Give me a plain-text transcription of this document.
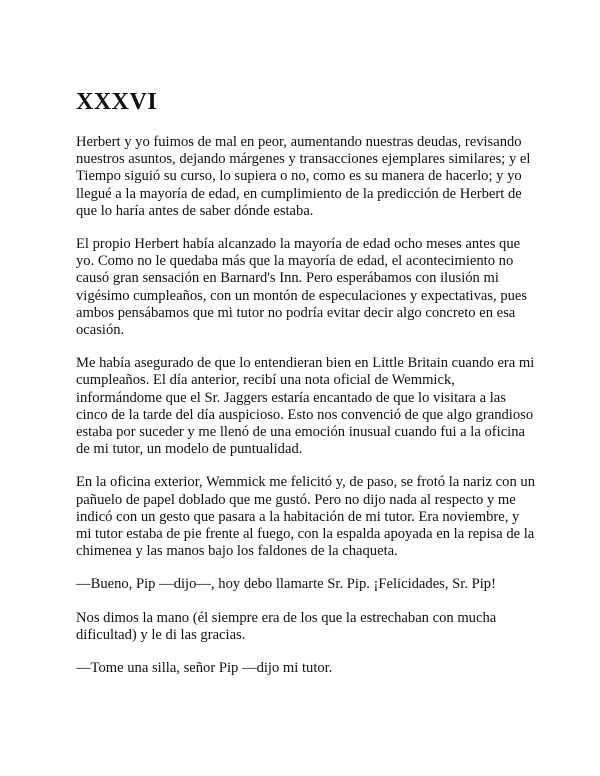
XXXVI

Herbert y yo fuimos de mal en peor, aumentando nuestras deudas, revisando nuestros asuntos, dejando márgenes y transacciones ejemplares similares; y el Tiempo siguió su curso, lo supiera o no, como es su manera de hacerlo; y yo llegué a la mayoría de edad, en cumplimiento de la predicción de Herbert de que lo haría antes de saber dónde estaba.

El propio Herbert había alcanzado la mayoría de edad ocho meses antes que yo. Como no le quedaba más que la mayoría de edad, el acontecimiento no causó gran sensación en Barnard's Inn. Pero esperábamos con ilusión mi vigésimo cumpleaños, con un montón de especulaciones y expectativas, pues ambos pensábamos que mi tutor no podría evitar decir algo concreto en esa ocasión.

Me había asegurado de que lo entendieran bien en Little Britain cuando era mi cumpleaños. El día anterior, recibí una nota oficial de Wemmick, informándome que el Sr. Jaggers estaría encantado de que lo visitara a las cinco de la tarde del día auspicioso. Esto nos convenció de que algo grandioso estaba por suceder y me llenó de una emoción inusual cuando fui a la oficina de mi tutor, un modelo de puntualidad.

En la oficina exterior, Wemmick me felicitó y, de paso, se frotó la nariz con un pañuelo de papel doblado que me gustó. Pero no dijo nada al respecto y me indicó con un gesto que pasara a la habitación de mi tutor. Era noviembre, y mi tutor estaba de pie frente al fuego, con la espalda apoyada en la repisa de la chimenea y las manos bajo los faldones de la chaqueta.

—Bueno, Pip —dijo—, hoy debo llamarte Sr. Pip. ¡Felicidades, Sr. Pip!

Nos dimos la mano (él siempre era de los que la estrechaban con mucha dificultad) y le di las gracias.

—Tome una silla, señor Pip —dijo mi tutor.
